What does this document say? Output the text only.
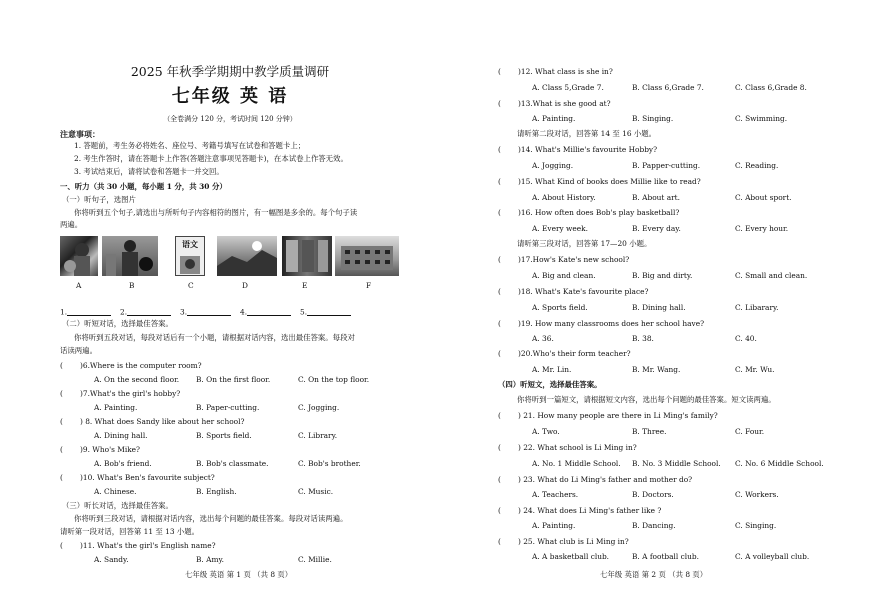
2025 年秋季学期期中教学质量调研
七年级 英 语
（全卷满分 120 分，考试时间 120 分钟）
注意事项：
1. 答题前，考生务必将姓名、座位号、考籍号填写在试卷和答题卡上；
2. 考生作答时，请在答题卡上作答(答题注意事项见答题卡)，在本试卷上作答无效。
3. 考试结束后，请将试卷和答题卡一并交回。
一、听力（共 30 小题，每小题 1 分，共 30 分）
（一）听句子，选图片
你将听到五个句子,请选出与所听句子内容相符的图片，有一幅图是多余的。每个句子读
两遍。
语文
A	B	C	D	E	F
1.	2.	3.	4.	5.
（二）听短对话，选择最佳答案。
你将听到五段对话，每段对话后有一个小题，请根据对话内容，选出最佳答案。每段对
话读两遍。
( )6.Where is the computer room?
A. On the second floor. B. On the first floor.	C. On the top floor.
( )7.What's the girl's hobby?
A. Painting.	B. Paper-cutting.	C. Jogging.
( ) 8. What does Sandy like about her school?
A. Dining hall.	B. Sports field.	C. Library.
( )9. Who's Mike?
A. Bob's friend.	B. Bob's classmate.	C. Bob's brother.
( )10. What's Ben's favourite subject?
A. Chinese.	B. English.	C. Music.
（三）听长对话，选择最佳答案。
你将听到三段对话，请根据对话内容，选出每个问题的最佳答案。每段对话读两遍。
请听第一段对话，回答第 11 至 13 小题。
( )11. What's the girl's English name?
A. Sandy.	B. Amy.	C. Millie.
七年级 英语 第 1 页 （共 8 页）
( )12. What class is she in?
A. Class 5,Grade 7.	B. Class 6,Grade 7.	C. Class 6,Grade 8.
( )13.What is she good at?
A. Painting.	B. Singing.	C. Swimming.
请听第二段对话，回答第 14 至 16 小题。
( )14. What's Millie's favourite Hobby?
A. Jogging.	B. Papper-cutting.	C. Reading.
( )15. What Kind of books does Millie like to read?
A. About History.	B. About art.	C. About sport.
( )16. How often does Bob's play basketball?
A. Every week.	B. Every day.	C. Every hour.
请听第三段对话，回答第 17—20 小题。
( )17.How's Kate's new school?
A. Big and clean.	B. Big and dirty.	C. Small and clean.
( )18. What's Kate's favourite place?
A. Sports field.	B. Dining hall.	C. Libarary.
( )19. How many classrooms does her school have?
A. 36.	B. 38.	C. 40.
( )20.Who's their form teacher?
A. Mr. Lin.	B. Mr. Wang.	C. Mr. Wu.
（四）听短文，选择最佳答案。
你将听到一篇短文，请根据短文内容，选出每个问题的最佳答案。短文读两遍。
( ) 21. How many people are there in Li Ming's family?
A. Two.	B. Three.	C. Four.
( ) 22. What school is Li Ming in?
A. No. 1 Middle School. B. No. 3 Middle School. C. No. 6 Middle School.
( ) 23. What do Li Ming's father and mother do?
A. Teachers.	B. Doctors.	C. Workers.
( ) 24. What does Li Ming's father like ?
A. Painting.	B. Dancing.	C. Singing.
( ) 25. What club is Li Ming in?
A. A basketball club.	B. A football club.	C. A volleyball club.
七年级 英语 第 2 页 （共 8 页）
